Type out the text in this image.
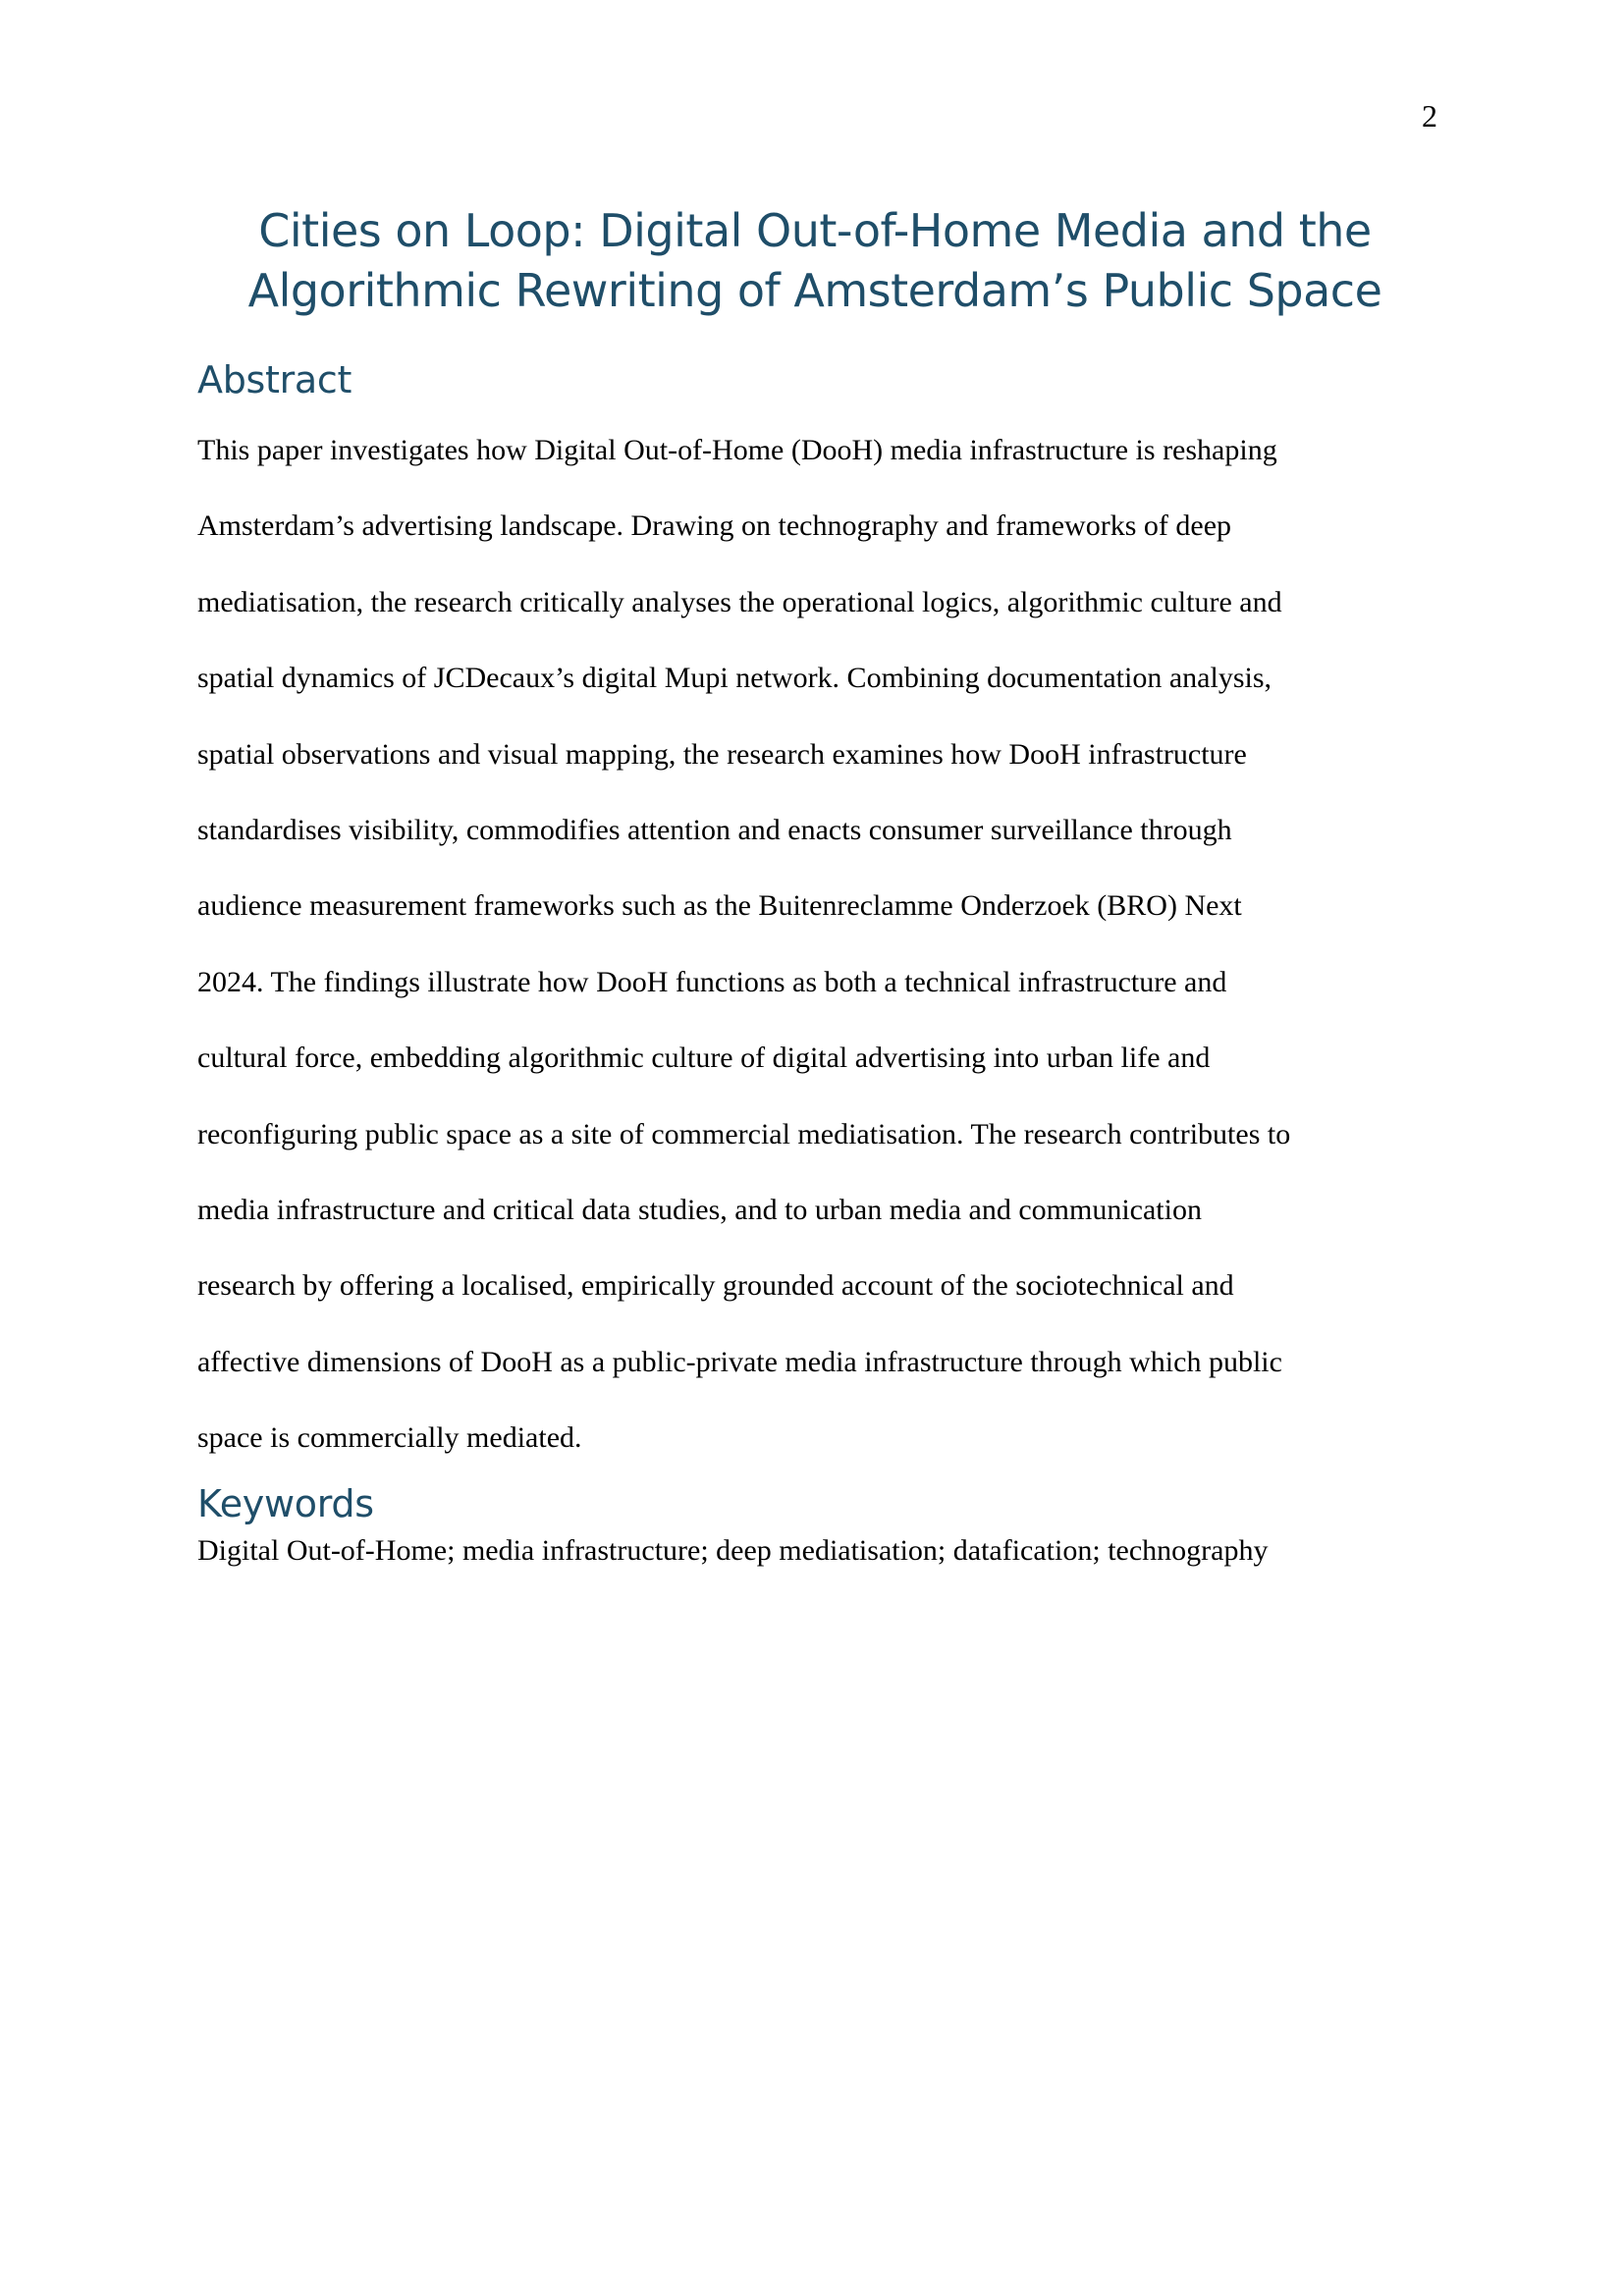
2
Cities on Loop: Digital Out-of-Home Media and the Algorithmic Rewriting of Amsterdam’s Public Space
Abstract
This paper investigates how Digital Out-of-Home (DooH) media infrastructure is reshaping
Amsterdam’s advertising landscape. Drawing on technography and frameworks of deep
mediatisation, the research critically analyses the operational logics, algorithmic culture and
spatial dynamics of JCDecaux’s digital Mupi network. Combining documentation analysis,
spatial observations and visual mapping, the research examines how DooH infrastructure
standardises visibility, commodifies attention and enacts consumer surveillance through
audience measurement frameworks such as the Buitenreclamme Onderzoek (BRO) Next
2024. The findings illustrate how DooH functions as both a technical infrastructure and
cultural force, embedding algorithmic culture of digital advertising into urban life and
reconfiguring public space as a site of commercial mediatisation. The research contributes to
media infrastructure and critical data studies, and to urban media and communication
research by offering a localised, empirically grounded account of the sociotechnical and
affective dimensions of DooH as a public-private media infrastructure through which public
space is commercially mediated.
Keywords

Digital Out-of-Home; media infrastructure; deep mediatisation; datafication; technography
